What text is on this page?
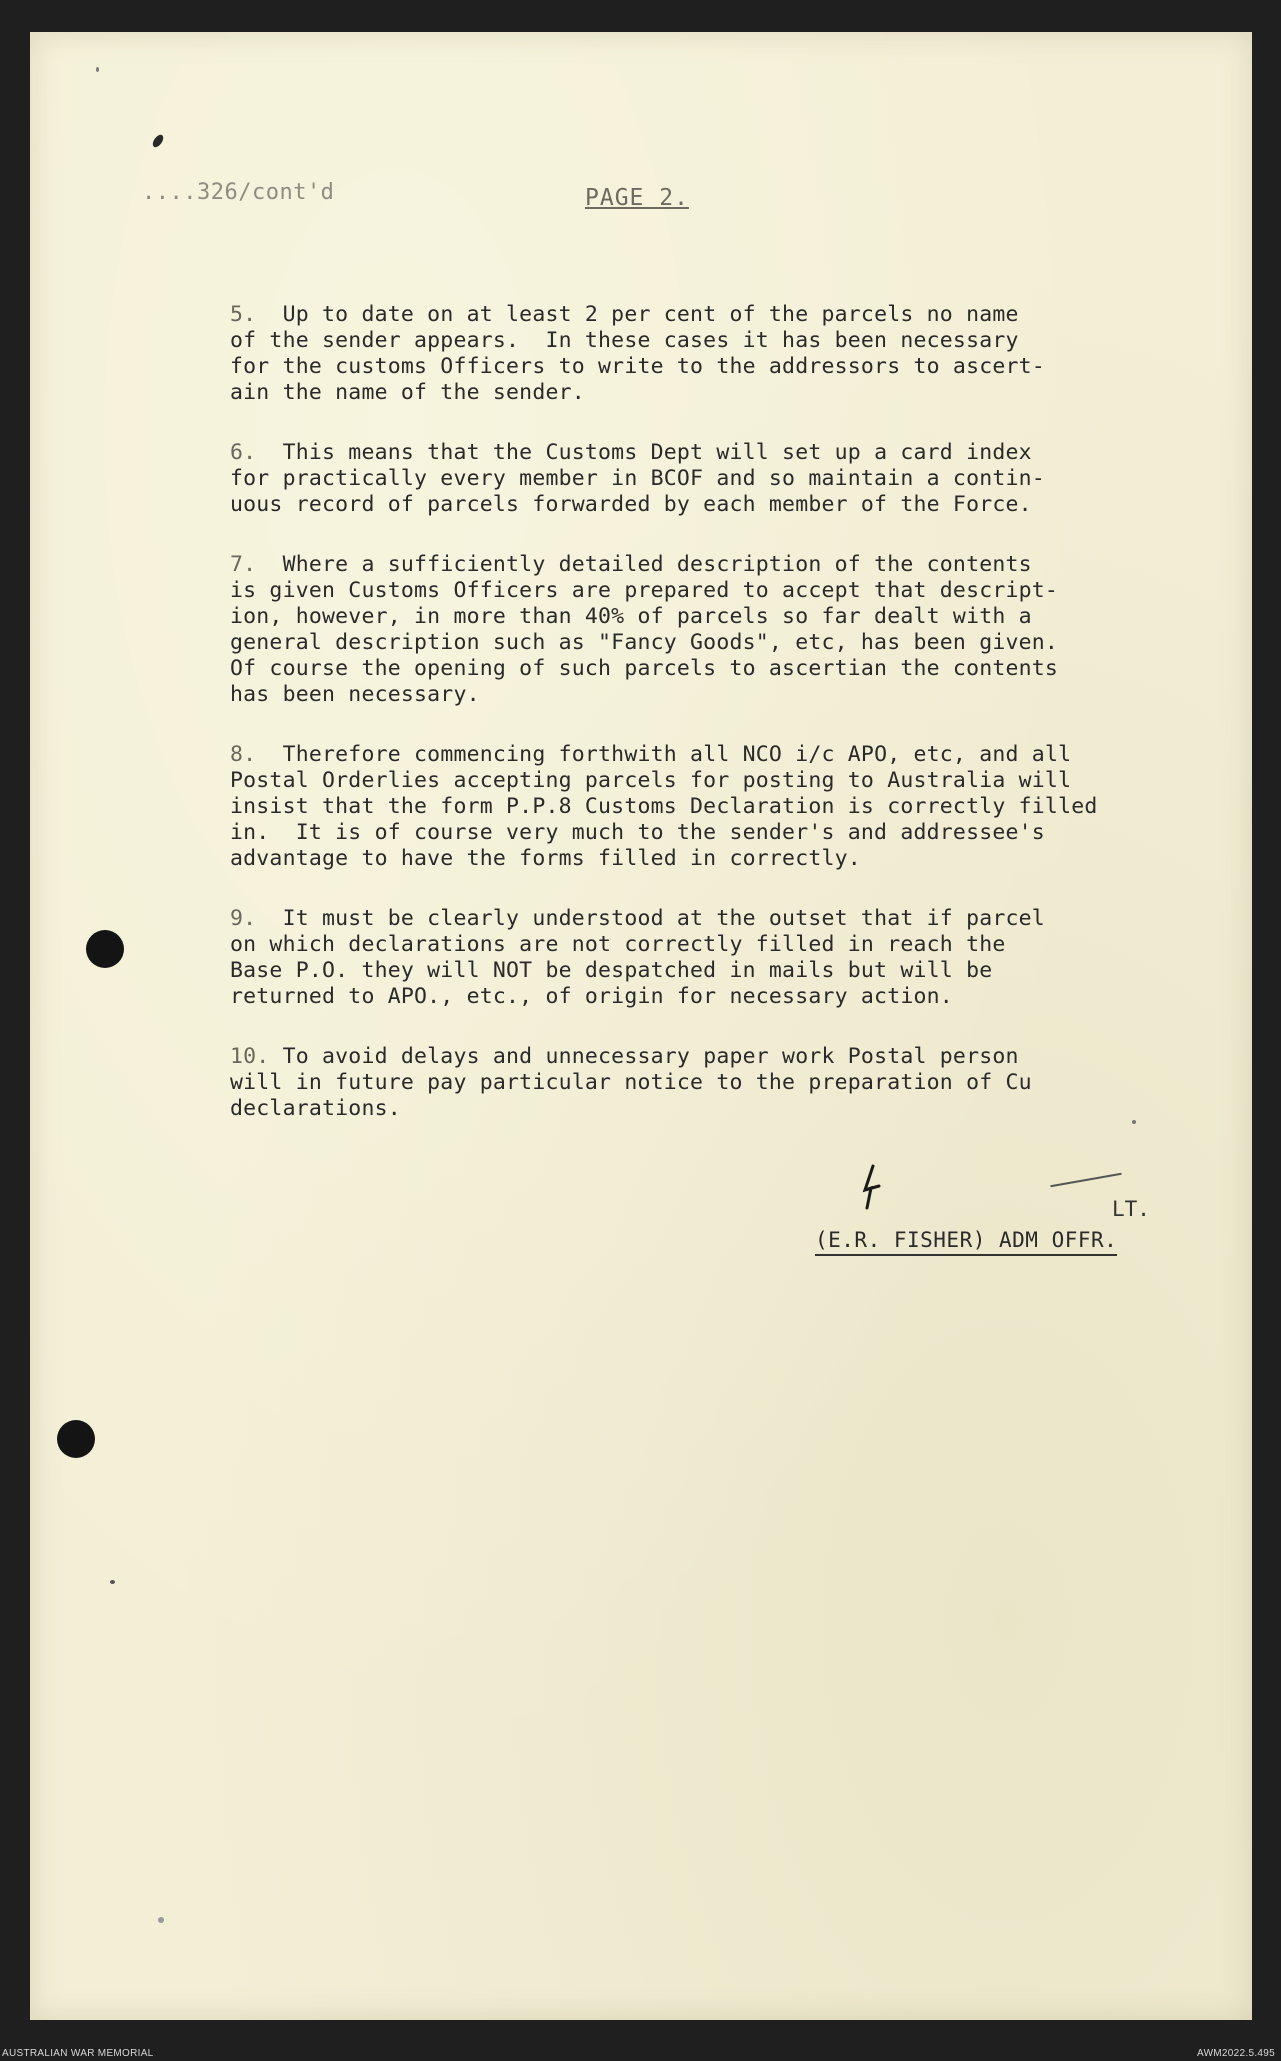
....326/cont'd	PAGE 2.

5.  Up to date on at least 2 per cent of the parcels no name
of the sender appears.  In these cases it has been necessary
for the customs Officers to write to the addressors to ascert-
ain the name of the sender.

6.  This means that the Customs Dept will set up a card index
for practically every member in BCOF and so maintain a contin-
uous record of parcels forwarded by each member of the Force.

7.  Where a sufficiently detailed description of the contents
is given Customs Officers are prepared to accept that descript-
ion, however, in more than 40% of parcels so far dealt with a
general description such as "Fancy Goods", etc, has been given.
Of course the opening of such parcels to ascertian the contents
has been necessary.

8.  Therefore commencing forthwith all NCO i/c APO, etc, and all
Postal Orderlies accepting parcels for posting to Australia will
insist that the form P.P.8 Customs Declaration is correctly filled
in.  It is of course very much to the sender's and addressee's
advantage to have the forms filled in correctly.

9.  It must be clearly understood at the outset that if parcel
on which declarations are not correctly filled in reach the
Base P.O. they will NOT be despatched in mails but will be
returned to APO., etc., of origin for necessary action.

10. To avoid delays and unnecessary paper work Postal person
will in future pay particular notice to the preparation of Cu
declarations.

LT.
(E.R. FISHER) ADM OFFR.
AUSTRALIAN WAR MEMORIAL	AWM2022.5.495
